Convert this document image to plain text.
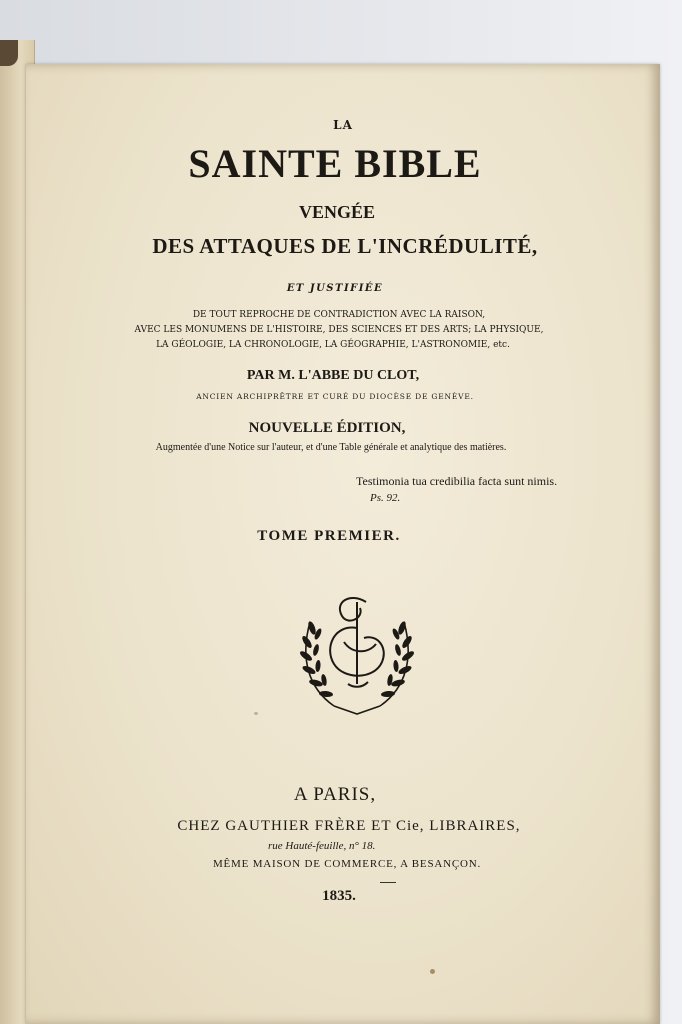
LA
SAINTE BIBLE
VENGÉE
DES ATTAQUES DE L'INCRÉDULITÉ,
ET JUSTIFIÉE
DE TOUT REPROCHE DE CONTRADICTION AVEC LA RAISON,
AVEC LES MONUMENS DE L'HISTOIRE, DES SCIENCES ET DES ARTS; LA PHYSIQUE,
LA GÉOLOGIE, LA CHRONOLOGIE, LA GÉOGRAPHIE, L'ASTRONOMIE, etc.
PAR M. L'ABBE DU CLOT,
ANCIEN ARCHIPRÊTRE ET CURÉ DU DIOCÈSE DE GENÈVE.
NOUVELLE ÉDITION,
Augmentée d'une Notice sur l'auteur, et d'une Table générale et analytique des matières.
Testimonia tua credibilia facta sunt nimis.
Ps. 92.
TOME PREMIER.
A PARIS,
CHEZ GAUTHIER FRÈRE ET Cie, LIBRAIRES,
rue Hauté-feuille, n° 18.
MÊME MAISON DE COMMERCE, A BESANÇON.
1835.
